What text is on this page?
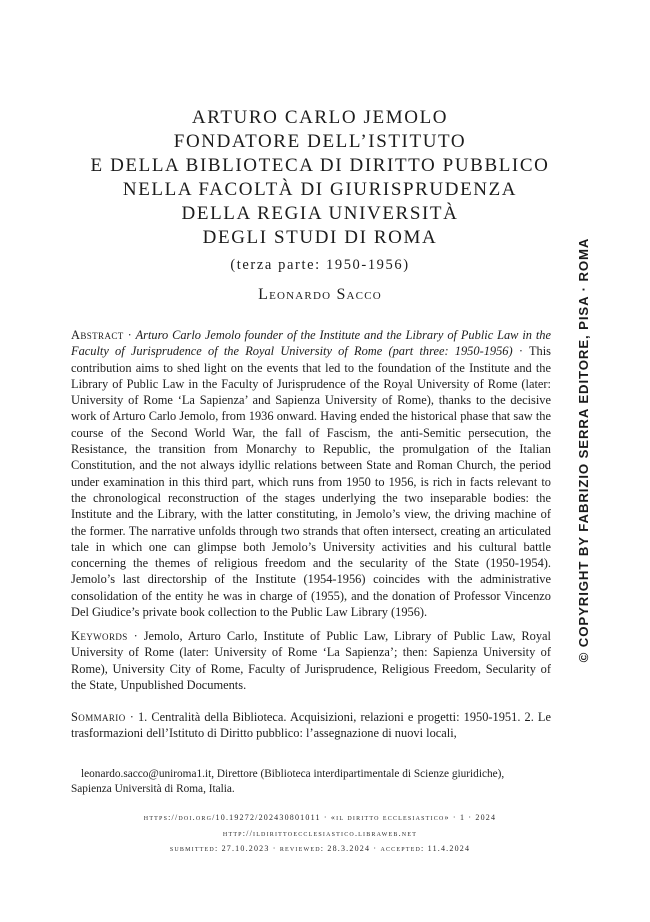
ARTURO CARLO JEMOLO
FONDATORE DELL’ISTITUTO
E DELLA BIBLIOTECA DI DIRITTO PUBBLICO
NELLA FACOLTÀ DI GIURISPRUDENZA
DELLA REGIA UNIVERSITÀ
DEGLI STUDI DI ROMA
(terza parte: 1950-1956)
Leonardo Sacco
Abstract · Arturo Carlo Jemolo founder of the Institute and the Library of Public Law in the Faculty of Jurisprudence of the Royal University of Rome (part three: 1950-1956) · This contribution aims to shed light on the events that led to the foundation of the Institute and the Library of Public Law in the Faculty of Jurisprudence of the Royal University of Rome (later: University of Rome ‘La Sapienza’ and Sapienza University of Rome), thanks to the decisive work of Arturo Carlo Jemolo, from 1936 onward. Having ended the historical phase that saw the course of the Second World War, the fall of Fascism, the anti-Semitic persecution, the Resistance, the transition from Monarchy to Republic, the promulgation of the Italian Constitution, and the not always idyllic relations between State and Roman Church, the period under examination in this third part, which runs from 1950 to 1956, is rich in facts relevant to the chronological reconstruction of the stages underlying the two inseparable bodies: the Institute and the Library, with the latter constituting, in Jemolo’s view, the driving machine of the former. The narrative unfolds through two strands that often intersect, creating an articulated tale in which one can glimpse both Jemolo’s University activities and his cultural battle concerning the themes of religious freedom and the secularity of the State (1950-1954). Jemolo’s last directorship of the Institute (1954-1956) coincides with the administrative consolidation of the entity he was in charge of (1955), and the donation of Professor Vincenzo Del Giudice’s private book collection to the Public Law Library (1956).
Keywords · Jemolo, Arturo Carlo, Institute of Public Law, Library of Public Law, Royal University of Rome (later: University of Rome ‘La Sapienza’; then: Sapienza University of Rome), University City of Rome, Faculty of Jurisprudence, Religious Freedom, Secularity of the State, Unpublished Documents.
Sommario · 1. Centralità della Biblioteca. Acquisizioni, relazioni e progetti: 1950-1951. 2. Le trasformazioni dell’Istituto di Diritto pubblico: l’assegnazione di nuovi locali,
leonardo.sacco@uniroma1.it, Direttore (Biblioteca interdipartimentale di Scienze giuridiche),
Sapienza Università di Roma, Italia.
https://doi.org/10.19272/202430801011 · «il diritto ecclesiastico» · 1 · 2024
http://ildirittoecclesiastico.libraweb.net
submitted: 27.10.2023 · reviewed: 28.3.2024 · accepted: 11.4.2024
© COPYRIGHT BY FABRIZIO SERRA EDITORE, PISA · ROMA
